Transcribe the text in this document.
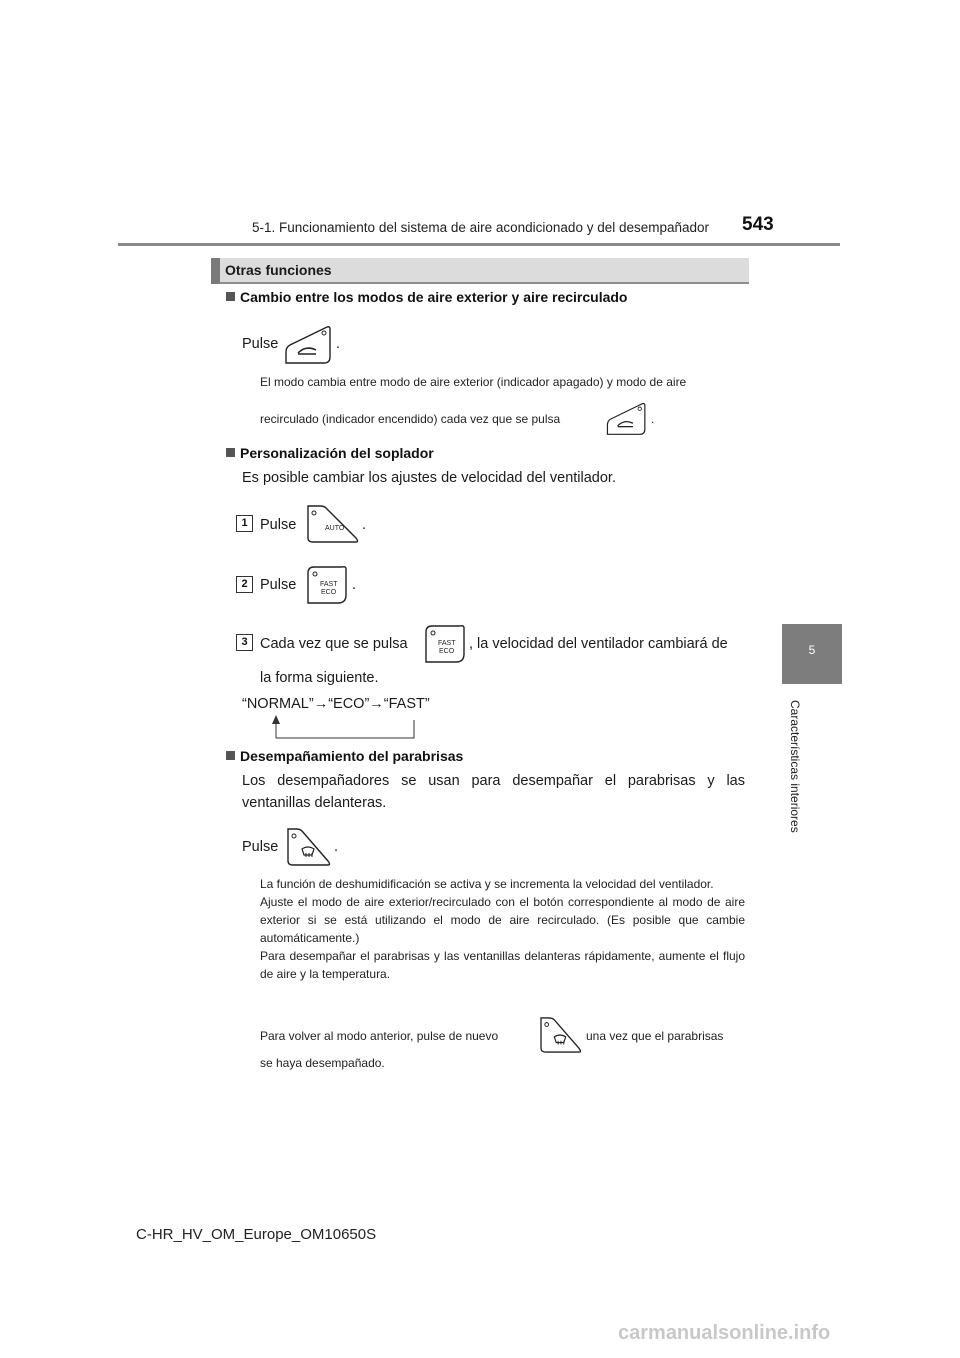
5-1. Funcionamiento del sistema de aire acondicionado y del desempañador 543
5
Características interiores
Otras funciones
Cambio entre los modos de aire exterior y aire recirculado
Pulse	.
El modo cambia entre modo de aire exterior (indicador apagado) y modo de aire
recirculado (indicador encendido) cada vez que se pulsa	.
Personalización del soplador
Es posible cambiar los ajustes de velocidad del ventilador.
1 Pulse	AUTO .
2 Pulse	FAST
ECO .
3 Cada vez que se pulsa	FAST
ECO , la velocidad del ventilador cambiará de
la forma siguiente.
“NORMAL”→“ECO”→“FAST”
Desempañamiento del parabrisas
Los desempañadores se usan para desempañar el parabrisas y las
ventanillas delanteras.
Pulse	.
La función de deshumidificación se activa y se incrementa la velocidad del ventilador.
Ajuste el modo de aire exterior/recirculado con el botón correspondiente al modo de aire exterior si se está utilizando el modo de aire recirculado. (Es posible que cambie automáticamente.)
Para desempañar el parabrisas y las ventanillas delanteras rápidamente, aumente el flujo de aire y la temperatura.
Para volver al modo anterior, pulse de nuevo	una vez que el parabrisas
se haya desempañado.
C-HR_HV_OM_Europe_OM10650S
carmanualsonline.info
